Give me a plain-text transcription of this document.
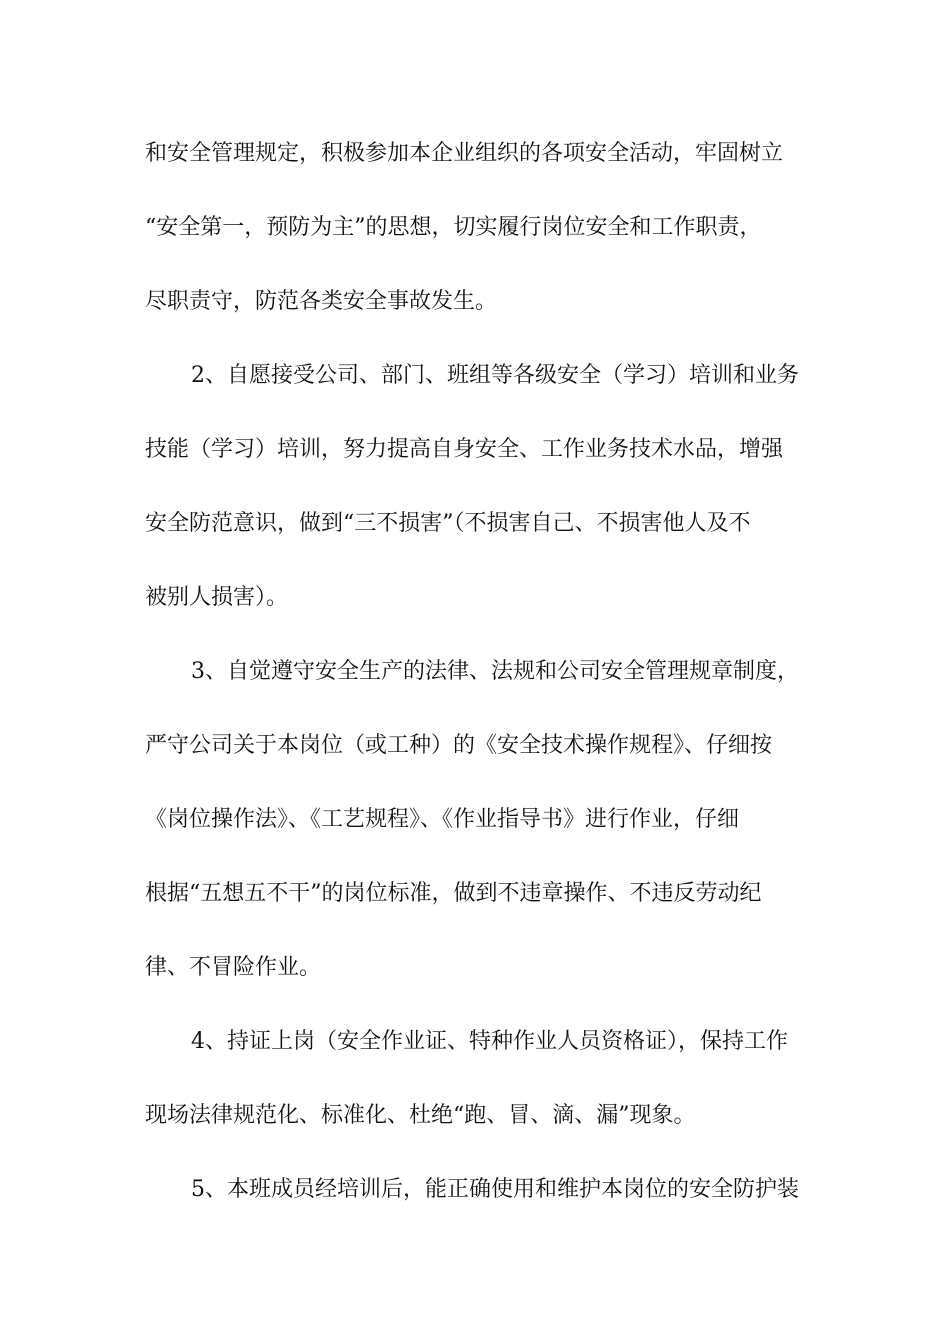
和安全管理规定，积极参加本企业组织的各项安全活动，牢固树立
“安全第一，预防为主”的思想，切实履行岗位安全和工作职责，
尽职责守，防范各类安全事故发生。
2、自愿接受公司、部门、班组等各级安全（学习）培训和业务
技能（学习）培训，努力提高自身安全、工作业务技术水品，增强
安全防范意识，做到“三不损害”（不损害自己、不损害他人及不
被别人损害）。
3、自觉遵守安全生产的法律、法规和公司安全管理规章制度，
严守公司关于本岗位（或工种）的《安全技术操作规程》、仔细按
《岗位操作法》、《工艺规程》、《作业指导书》进行作业，仔细
根据“五想五不干”的岗位标准，做到不违章操作、不违反劳动纪
律、不冒险作业。
4、持证上岗（安全作业证、特种作业人员资格证），保持工作
现场法律规范化、标准化、杜绝“跑、冒、滴、漏”现象。
5、本班成员经培训后，能正确使用和维护本岗位的安全防护装
